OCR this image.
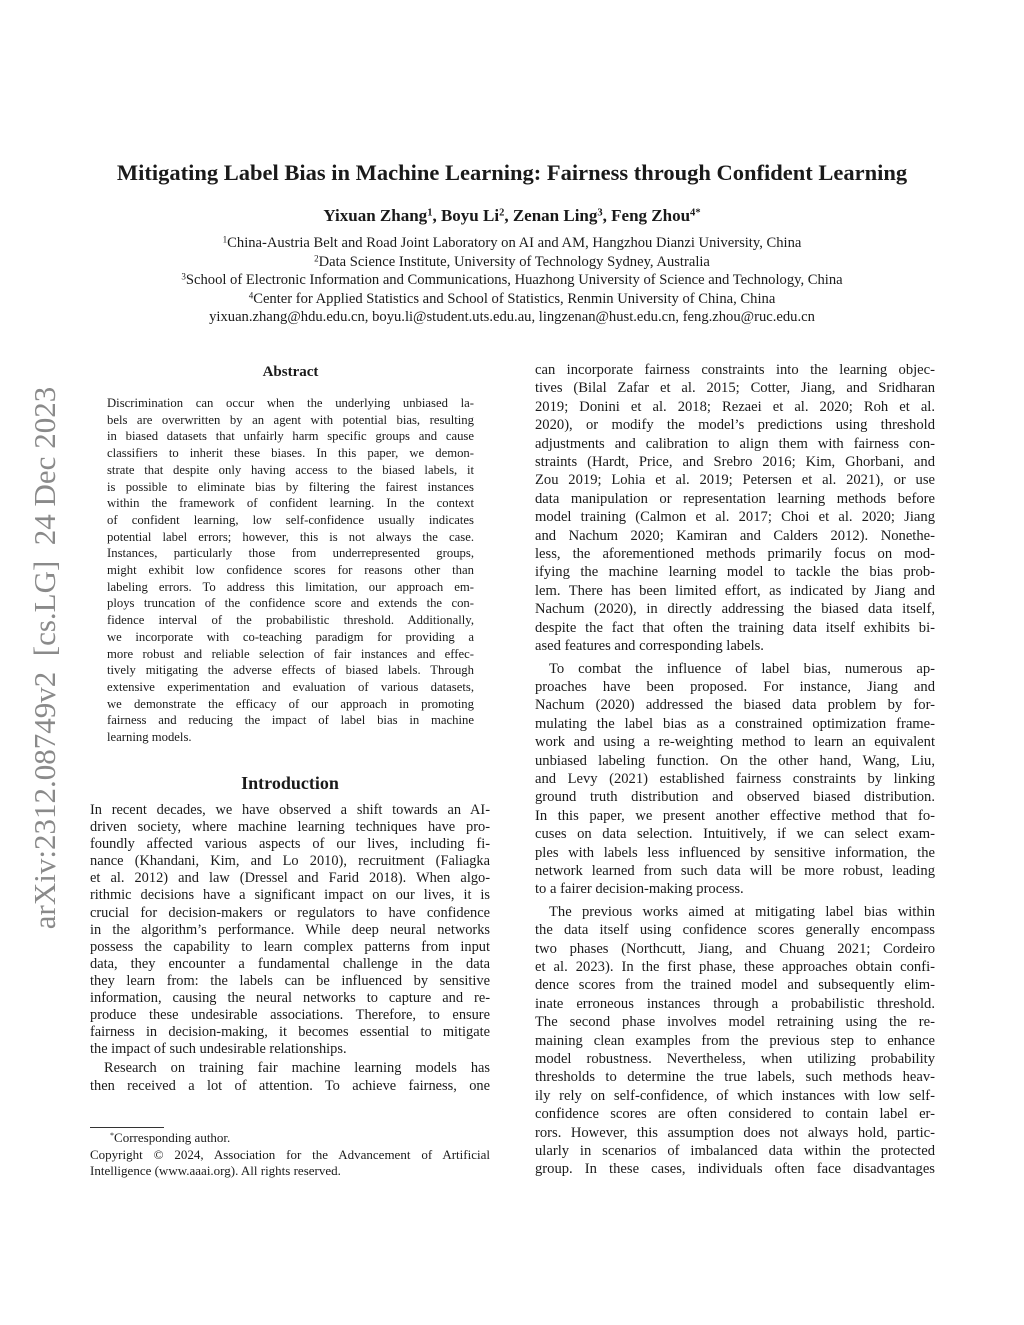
Mitigating Label Bias in Machine Learning: Fairness through Confident Learning
Yixuan Zhang$^1$, Boyu Li$^2$, Zenan Ling$^3$, Feng Zhou$^{4*}$
$^1$China-Austria Belt and Road Joint Laboratory on AI and AM, Hangzhou Dianzi University, China
$^2$Data Science Institute, University of Technology Sydney, Australia
$^3$School of Electronic Information and Communications, Huazhong University of Science and Technology, China
$^4$Center for Applied Statistics and School of Statistics, Renmin University of China, China
yixuan.zhang@hdu.edu.cn, boyu.li@student.uts.edu.au, lingzenan@hust.edu.cn, feng.zhou@ruc.edu.cn
arXiv:2312.08749v2  [cs.LG]  24 Dec 2023
Abstract
Discrimination can occur when the underlying unbiased la-
bels are overwritten by an agent with potential bias, resulting
in biased datasets that unfairly harm specific groups and cause
classifiers to inherit these biases. In this paper, we demon-
strate that despite only having access to the biased labels, it
is possible to eliminate bias by filtering the fairest instances
within the framework of confident learning. In the context
of confident learning, low self-confidence usually indicates
potential label errors; however, this is not always the case.
Instances, particularly those from underrepresented groups,
might exhibit low confidence scores for reasons other than
labeling errors. To address this limitation, our approach em-
ploys truncation of the confidence score and extends the con-
fidence interval of the probabilistic threshold. Additionally,
we incorporate with co-teaching paradigm for providing a
more robust and reliable selection of fair instances and effec-
tively mitigating the adverse effects of biased labels. Through
extensive experimentation and evaluation of various datasets,
we demonstrate the efficacy of our approach in promoting
fairness and reducing the impact of label bias in machine
learning models.
Introduction
In recent decades, we have observed a shift towards an AI-
driven society, where machine learning techniques have pro-
foundly affected various aspects of our lives, including fi-
nance (Khandani, Kim, and Lo 2010), recruitment (Faliagka
et al. 2012) and law (Dressel and Farid 2018). When algo-
rithmic decisions have a significant impact on our lives, it is
crucial for decision-makers or regulators to have confidence
in the algorithm’s performance. While deep neural networks
possess the capability to learn complex patterns from input
data, they encounter a fundamental challenge in the data
they learn from: the labels can be influenced by sensitive
information, causing the neural networks to capture and re-
produce these undesirable associations. Therefore, to ensure
fairness in decision-making, it becomes essential to mitigate
the impact of such undesirable relationships.
Research on training fair machine learning models has
then received a lot of attention. To achieve fairness, one
can incorporate fairness constraints into the learning objec-
tives (Bilal Zafar et al. 2015; Cotter, Jiang, and Sridharan
2019; Donini et al. 2018; Rezaei et al. 2020; Roh et al.
2020), or modify the model’s predictions using threshold
adjustments and calibration to align them with fairness con-
straints (Hardt, Price, and Srebro 2016; Kim, Ghorbani, and
Zou 2019; Lohia et al. 2019; Petersen et al. 2021), or use
data manipulation or representation learning methods before
model training (Calmon et al. 2017; Choi et al. 2020; Jiang
and Nachum 2020; Kamiran and Calders 2012). Nonethe-
less, the aforementioned methods primarily focus on mod-
ifying the machine learning model to tackle the bias prob-
lem. There has been limited effort, as indicated by Jiang and
Nachum (2020), in directly addressing the biased data itself,
despite the fact that often the training data itself exhibits bi-
ased features and corresponding labels.
To combat the influence of label bias, numerous ap-
proaches have been proposed. For instance, Jiang and
Nachum (2020) addressed the biased data problem by for-
mulating the label bias as a constrained optimization frame-
work and using a re-weighting method to learn an equivalent
unbiased labeling function. On the other hand, Wang, Liu,
and Levy (2021) established fairness constraints by linking
ground truth distribution and observed biased distribution.
In this paper, we present another effective method that fo-
cuses on data selection. Intuitively, if we can select exam-
ples with labels less influenced by sensitive information, the
network learned from such data will be more robust, leading
to a fairer decision-making process.
The previous works aimed at mitigating label bias within
the data itself using confidence scores generally encompass
two phases (Northcutt, Jiang, and Chuang 2021; Cordeiro
et al. 2023). In the first phase, these approaches obtain confi-
dence scores from the trained model and subsequently elim-
inate erroneous instances through a probabilistic threshold.
The second phase involves model retraining using the re-
maining clean examples from the previous step to enhance
model robustness. Nevertheless, when utilizing probability
thresholds to determine the true labels, such methods heav-
ily rely on self-confidence, of which instances with low self-
confidence scores are often considered to contain label er-
rors. However, this assumption does not always hold, partic-
ularly in scenarios of imbalanced data within the protected
group. In these cases, individuals often face disadvantages
*Corresponding author.
Copyright © 2024, Association for the Advancement of Artificial
Intelligence (www.aaai.org). All rights reserved.
